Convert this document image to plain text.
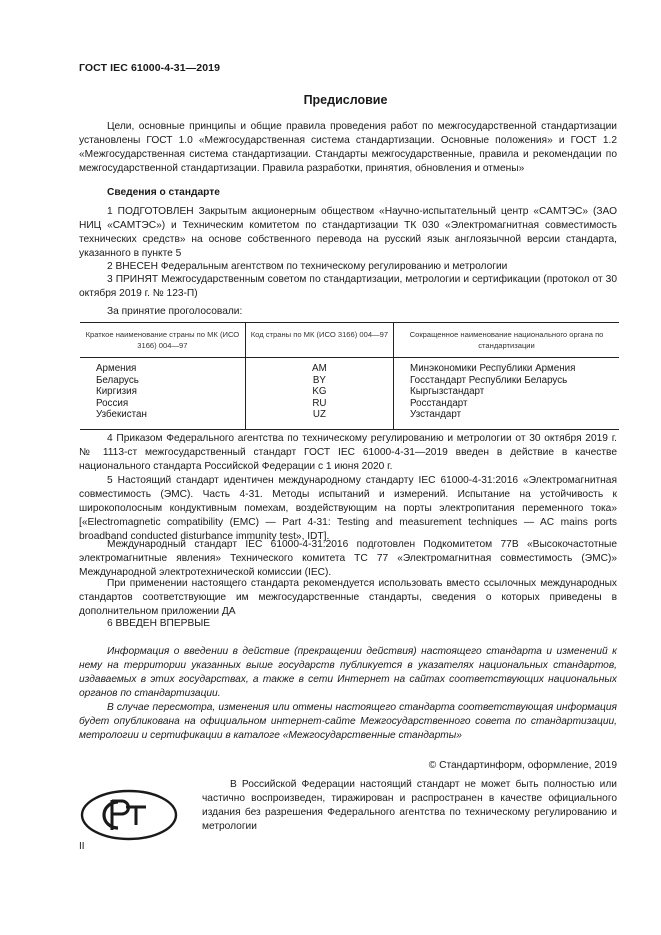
ГОСТ IEC 61000-4-31—2019
Предисловие

Цели, основные принципы и общие правила проведения работ по межгосударственной стандартизации установлены ГОСТ 1.0 «Межгосударственная система стандартизации. Основные положения» и ГОСТ 1.2 «Межгосударственная система стандартизации. Стандарты межгосударственные, правила и рекомендации по межгосударственной стандартизации. Правила разработки, принятия, обновления и отмены»

Сведения о стандарте

1 ПОДГОТОВЛЕН Закрытым акционерным обществом «Научно-испытательный центр «САМТЭС» (ЗАО НИЦ «САМТЭС») и Техническим комитетом по стандартизации ТК 030 «Электромагнитная совместимость технических средств» на основе собственного перевода на русский язык англоязычной версии стандарта, указанного в пункте 5

2 ВНЕСЕН Федеральным агентством по техническому регулированию и метрологии

3 ПРИНЯТ Межгосударственным советом по стандартизации, метрологии и сертификации (протокол от 30 октября 2019 г. № 123-П)

За принятие проголосовали:

Краткое наименование страны по МК (ИСО 3166) 004—97	Код страны по МК (ИСО 3166) 004—97	Сокращенное наименование национального органа по стандартизации
Армения	AM	Минэкономики Республики Армения
Беларусь	BY	Госстандарт Республики Беларусь
Киргизия	KG	Кыргызстандарт
Россия	RU	Росстандарт
Узбекистан	UZ	Узстандарт

4 Приказом Федерального агентства по техническому регулированию и метрологии от 30 октября 2019 г. № 1113-ст межгосударственный стандарт ГОСТ IEC 61000-4-31—2019 введен в действие в качестве национального стандарта Российской Федерации с 1 июня 2020 г.

5 Настоящий стандарт идентичен международному стандарту IEC 61000-4-31:2016 «Электромагнитная совместимость (ЭМС). Часть 4-31. Методы испытаний и измерений. Испытание на устойчивость к широкополосным кондуктивным помехам, воздействующим на порты электропитания переменного тока» [«Electromagnetic compatibility (EMC) — Part 4-31: Testing and measurement techniques — AC mains ports broadband conducted disturbance immunity test», IDT].

Международный стандарт IEC 61000-4-31:2016 подготовлен Подкомитетом 77В «Высокочастотные электромагнитные явления» Технического комитета ТС 77 «Электромагнитная совместимость (ЭМС)» Международной электротехнической комиссии (IEC).

При применении настоящего стандарта рекомендуется использовать вместо ссылочных международных стандартов соответствующие им межгосударственные стандарты, сведения о которых приведены в дополнительном приложении ДА

6 ВВЕДЕН ВПЕРВЫЕ

Информация о введении в действие (прекращении действия) настоящего стандарта и изменений к нему на территории указанных выше государств публикуется в указателях национальных стандартов, издаваемых в этих государствах, а также в сети Интернет на сайтах соответствующих национальных органов по стандартизации.

В случае пересмотра, изменения или отмены настоящего стандарта соответствующая информация будет опубликована на официальном интернет-сайте Межгосударственного совета по стандартизации, метрологии и сертификации в каталоге «Межгосударственные стандарты»

© Стандартинформ, оформление, 2019

В Российской Федерации настоящий стандарт не может быть полностью или частично воспроизведен, тиражирован и распространен в качестве официального издания без разрешения Федерального агентства по техническому регулированию и метрологии

II
